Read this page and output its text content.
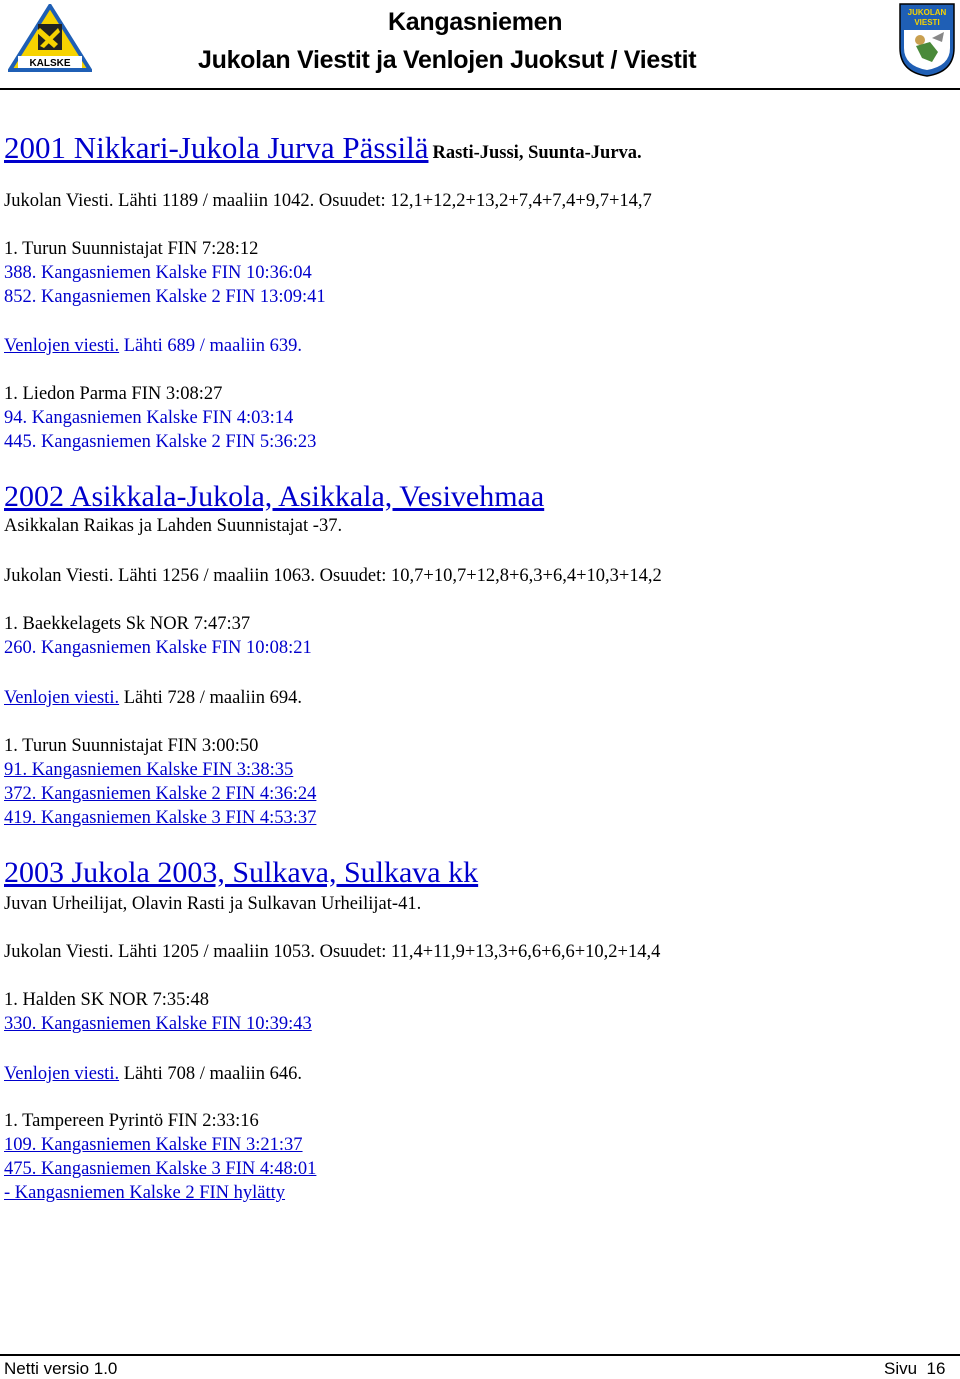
KALSKE
Kangasniemen
Jukolan Viestit ja Venlojen Juoksut / Viestit
JUKOLAN
VIESTI
2001 Nikkari-Jukola Jurva Pässilä Rasti-Jussi, Suunta-Jurva.
Jukolan Viesti. Lähti 1189 / maaliin 1042. Osuudet: 12,1+12,2+13,2+7,4+7,4+9,7+14,7
1. Turun Suunnistajat FIN 7:28:12
388. Kangasniemen Kalske FIN 10:36:04
852. Kangasniemen Kalske 2 FIN 13:09:41
Venlojen viesti. Lähti 689 / maaliin 639.
1. Liedon Parma FIN 3:08:27
94. Kangasniemen Kalske FIN 4:03:14
445. Kangasniemen Kalske 2 FIN 5:36:23
2002 Asikkala-Jukola, Asikkala, Vesivehmaa
Asikkalan Raikas ja Lahden Suunnistajat -37.
Jukolan Viesti. Lähti 1256 / maaliin 1063. Osuudet: 10,7+10,7+12,8+6,3+6,4+10,3+14,2
1. Baekkelagets Sk NOR 7:47:37
260. Kangasniemen Kalske FIN 10:08:21
Venlojen viesti. Lähti 728 / maaliin 694.
1. Turun Suunnistajat FIN 3:00:50
91. Kangasniemen Kalske FIN 3:38:35
372. Kangasniemen Kalske 2 FIN 4:36:24
419. Kangasniemen Kalske 3 FIN 4:53:37
2003 Jukola 2003, Sulkava, Sulkava kk
Juvan Urheilijat, Olavin Rasti ja Sulkavan Urheilijat-41.
Jukolan Viesti. Lähti 1205 / maaliin 1053. Osuudet: 11,4+11,9+13,3+6,6+6,6+10,2+14,4
1. Halden SK NOR 7:35:48
330. Kangasniemen Kalske FIN 10:39:43
Venlojen viesti. Lähti 708 / maaliin 646.
1. Tampereen Pyrintö FIN 2:33:16
109. Kangasniemen Kalske FIN 3:21:37
475. Kangasniemen Kalske 3 FIN 4:48:01
- Kangasniemen Kalske 2 FIN hylätty
Netti versio 1.0	Sivu  16
